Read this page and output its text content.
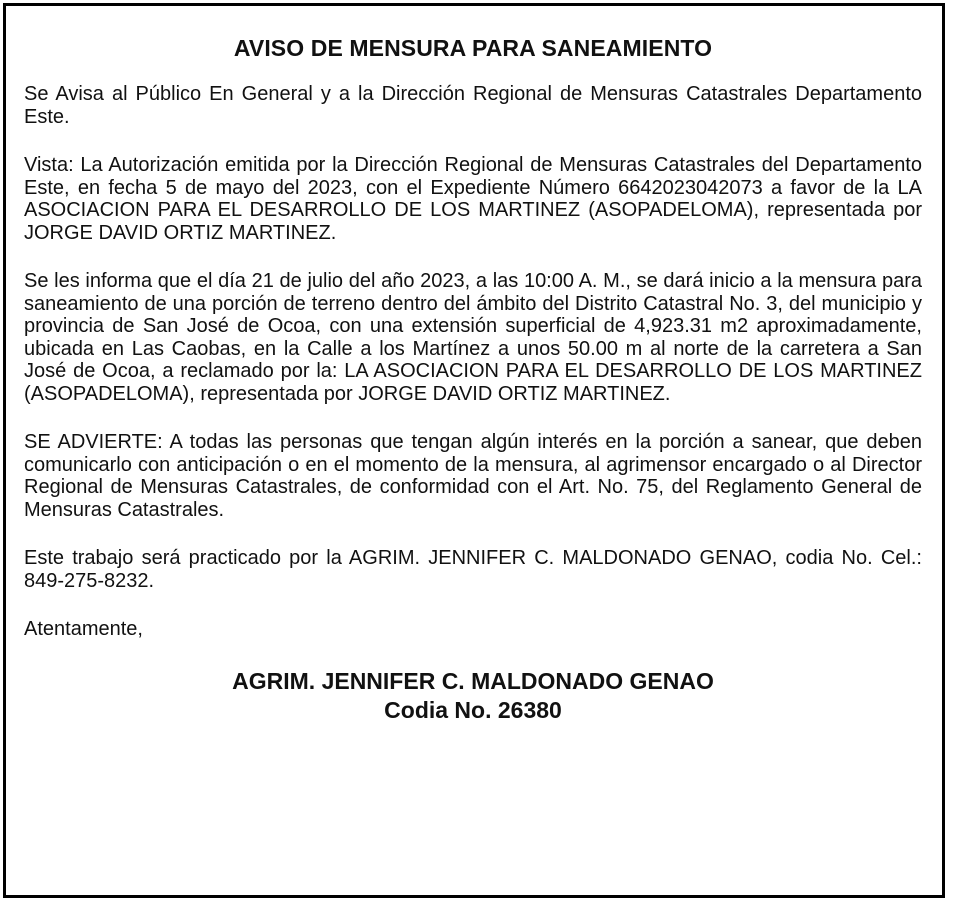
AVISO DE MENSURA PARA SANEAMIENTO

Se Avisa al Público En General y a la Dirección Regional de Mensuras Catastrales Departamento Este.

Vista: La Autorización emitida por la Dirección Regional de Mensuras Catastrales del Departamento Este, en fecha 5 de mayo del 2023, con el Expediente Número 6642023042073 a favor de la LA ASOCIACION PARA EL DESARROLLO DE LOS MARTINEZ (ASOPADELOMA), representada por JORGE DAVID ORTIZ MARTINEZ.

Se les informa que el día 21 de julio del año 2023, a las 10:00 A. M., se dará inicio a la mensura para saneamiento de una porción de terreno dentro del ámbito del Distrito Catastral No. 3, del municipio y provincia de San José de Ocoa, con una extensión superficial de 4,923.31 m2 aproximadamente, ubicada en Las Caobas, en la Calle a los Martínez a unos 50.00 m al norte de la carretera a San José de Ocoa, a reclamado por la: LA ASOCIACION PARA EL DESARROLLO DE LOS MARTINEZ (ASOPADELOMA), representada por JORGE DAVID ORTIZ MARTINEZ.

SE ADVIERTE: A todas las personas que tengan algún interés en la porción a sanear, que deben comunicarlo con anticipación o en el momento de la mensura, al agrimensor encargado o al Director Regional de Mensuras Catastrales, de conformidad con el Art. No. 75, del Reglamento General de Mensuras Catastrales.

Este trabajo será practicado por la AGRIM. JENNIFER C. MALDONADO GENAO, codia No. Cel.: 849-275-8232.

Atentamente,

AGRIM. JENNIFER C. MALDONADO GENAO
Codia No. 26380
